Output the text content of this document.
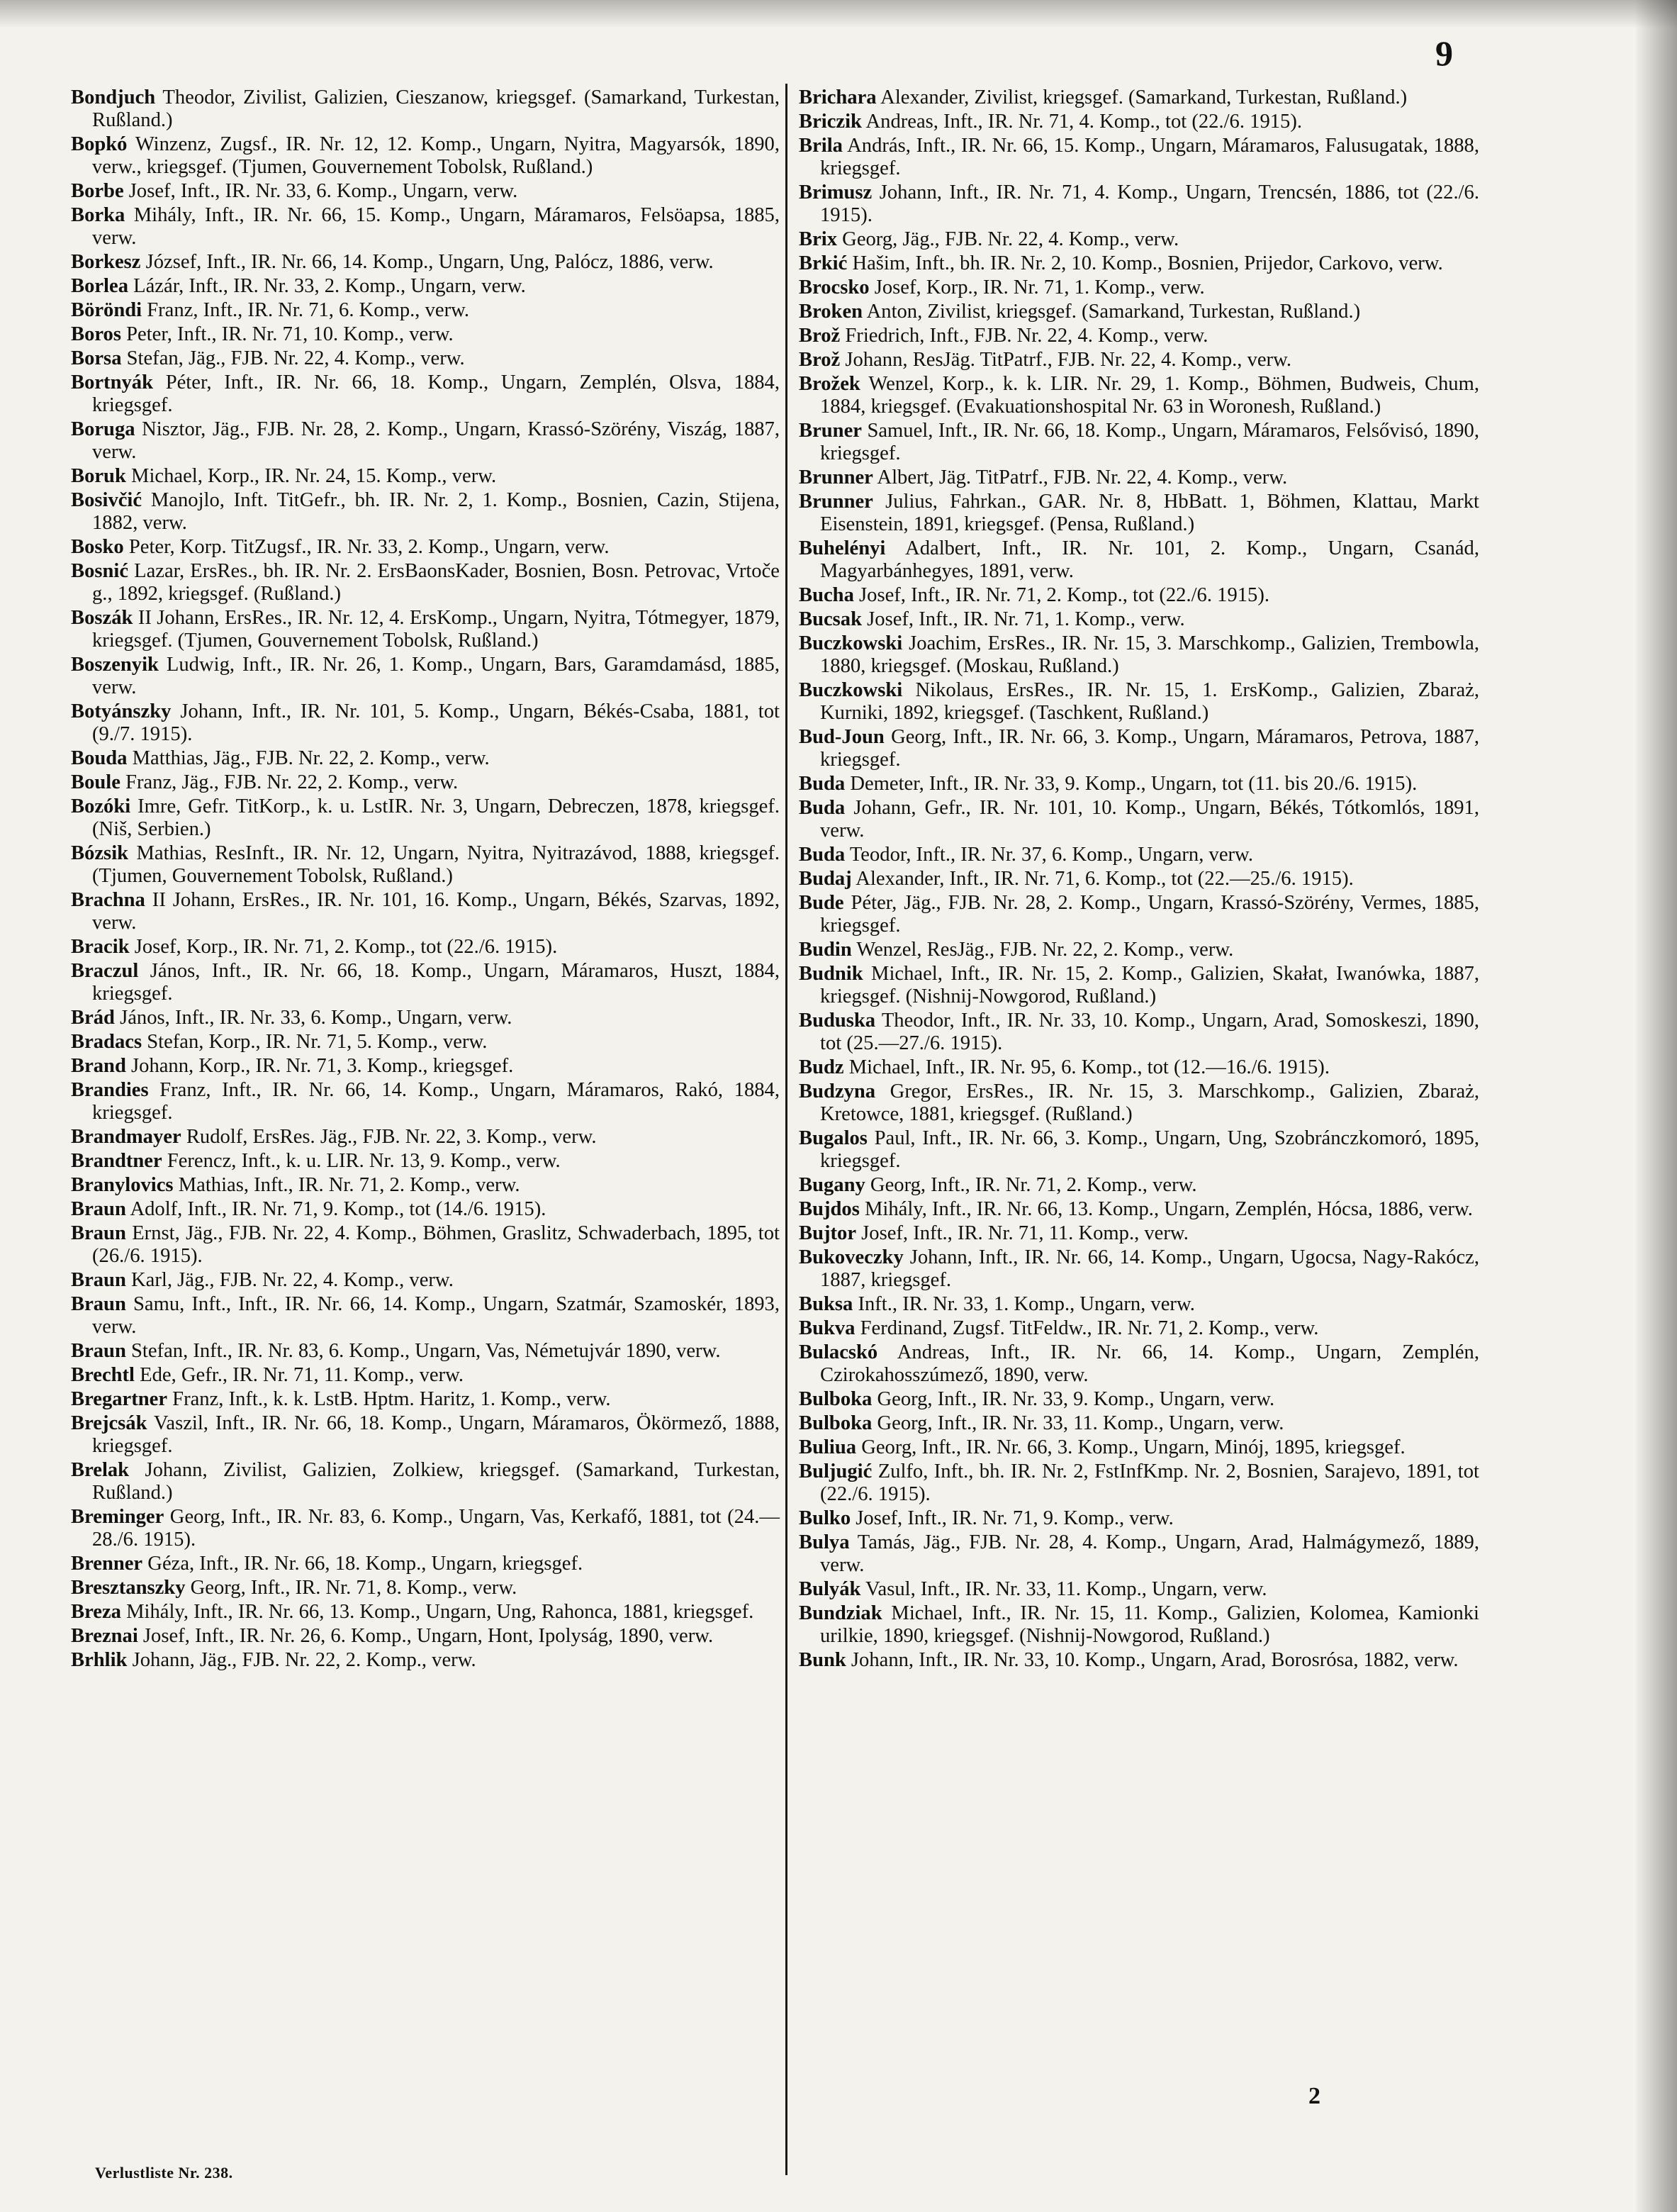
9
Bondjuch Theodor, Zivilist, Galizien, Cieszanow, kriegsgef. (Samarkand, Turkestan, Rußland.)
Bopkó Winzenz, Zugsf., IR. Nr. 12, 12. Komp., Ungarn, Nyitra, Magyarsók, 1890, verw., kriegsgef. (Tjumen, Gouvernement Tobolsk, Rußland.)
Borbe Josef, Inft., IR. Nr. 33, 6. Komp., Ungarn, verw.
Borka Mihály, Inft., IR. Nr. 66, 15. Komp., Ungarn, Máramaros, Felsöapsa, 1885, verw.
Borkesz József, Inft., IR. Nr. 66, 14. Komp., Ungarn, Ung, Palócz, 1886, verw.
Borlea Lázár, Inft., IR. Nr. 33, 2. Komp., Ungarn, verw.
Böröndi Franz, Inft., IR. Nr. 71, 6. Komp., verw.
Boros Peter, Inft., IR. Nr. 71, 10. Komp., verw.
Borsa Stefan, Jäg., FJB. Nr. 22, 4. Komp., verw.
Bortnyák Péter, Inft., IR. Nr. 66, 18. Komp., Ungarn, Zemplén, Olsva, 1884, kriegsgef.
Boruga Nisztor, Jäg., FJB. Nr. 28, 2. Komp., Ungarn, Krassó-Szörény, Viszág, 1887, verw.
Boruk Michael, Korp., IR. Nr. 24, 15. Komp., verw.
Bosivčić Manojlo, Inft. TitGefr., bh. IR. Nr. 2, 1. Komp., Bosnien, Cazin, Stijena, 1882, verw.
Bosko Peter, Korp. TitZugsf., IR. Nr. 33, 2. Komp., Ungarn, verw.
Bosnić Lazar, ErsRes., bh. IR. Nr. 2. ErsBaonsKader, Bosnien, Bosn. Petrovac, Vrtoče g., 1892, kriegsgef. (Rußland.)
Boszák II Johann, ErsRes., IR. Nr. 12, 4. ErsKomp., Ungarn, Nyitra, Tótmegyer, 1879, kriegsgef. (Tjumen, Gouvernement Tobolsk, Rußland.)
Boszenyik Ludwig, Inft., IR. Nr. 26, 1. Komp., Ungarn, Bars, Garamdamásd, 1885, verw.
Botyánszky Johann, Inft., IR. Nr. 101, 5. Komp., Ungarn, Békés-Csaba, 1881, tot (9./7. 1915).
Bouda Matthias, Jäg., FJB. Nr. 22, 2. Komp., verw.
Boule Franz, Jäg., FJB. Nr. 22, 2. Komp., verw.
Bozóki Imre, Gefr. TitKorp., k. u. LstIR. Nr. 3, Ungarn, Debreczen, 1878, kriegsgef. (Niš, Serbien.)
Bózsik Mathias, ResInft., IR. Nr. 12, Ungarn, Nyitra, Nyitrazávod, 1888, kriegsgef. (Tjumen, Gouvernement Tobolsk, Rußland.)
Brachna II Johann, ErsRes., IR. Nr. 101, 16. Komp., Ungarn, Békés, Szarvas, 1892, verw.
Bracik Josef, Korp., IR. Nr. 71, 2. Komp., tot (22./6. 1915).
Braczul János, Inft., IR. Nr. 66, 18. Komp., Ungarn, Máramaros, Huszt, 1884, kriegsgef.
Brád János, Inft., IR. Nr. 33, 6. Komp., Ungarn, verw.
Bradacs Stefan, Korp., IR. Nr. 71, 5. Komp., verw.
Brand Johann, Korp., IR. Nr. 71, 3. Komp., kriegsgef.
Brandies Franz, Inft., IR. Nr. 66, 14. Komp., Ungarn, Máramaros, Rakó, 1884, kriegsgef.
Brandmayer Rudolf, ErsRes. Jäg., FJB. Nr. 22, 3. Komp., verw.
Brandtner Ferencz, Inft., k. u. LIR. Nr. 13, 9. Komp., verw.
Branylovics Mathias, Inft., IR. Nr. 71, 2. Komp., verw.
Braun Adolf, Inft., IR. Nr. 71, 9. Komp., tot (14./6. 1915).
Braun Ernst, Jäg., FJB. Nr. 22, 4. Komp., Böhmen, Graslitz, Schwaderbach, 1895, tot (26./6. 1915).
Braun Karl, Jäg., FJB. Nr. 22, 4. Komp., verw.
Braun Samu, Inft., Inft., IR. Nr. 66, 14. Komp., Ungarn, Szatmár, Szamoskér, 1893, verw.
Braun Stefan, Inft., IR. Nr. 83, 6. Komp., Ungarn, Vas, Németujvár 1890, verw.
Brechtl Ede, Gefr., IR. Nr. 71, 11. Komp., verw.
Bregartner Franz, Inft., k. k. LstB. Hptm. Haritz, 1. Komp., verw.
Brejcsák Vaszil, Inft., IR. Nr. 66, 18. Komp., Ungarn, Máramaros, Ökörmező, 1888, kriegsgef.
Brelak Johann, Zivilist, Galizien, Zolkiew, kriegsgef. (Samarkand, Turkestan, Rußland.)
Breminger Georg, Inft., IR. Nr. 83, 6. Komp., Ungarn, Vas, Kerkafő, 1881, tot (24.—28./6. 1915).
Brenner Géza, Inft., IR. Nr. 66, 18. Komp., Ungarn, kriegsgef.
Bresztanszky Georg, Inft., IR. Nr. 71, 8. Komp., verw.
Breza Mihály, Inft., IR. Nr. 66, 13. Komp., Ungarn, Ung, Rahonca, 1881, kriegsgef.
Breznai Josef, Inft., IR. Nr. 26, 6. Komp., Ungarn, Hont, Ipolyság, 1890, verw.
Brhlik Johann, Jäg., FJB. Nr. 22, 2. Komp., verw.
Brichara Alexander, Zivilist, kriegsgef. (Samarkand, Turkestan, Rußland.)
Briczik Andreas, Inft., IR. Nr. 71, 4. Komp., tot (22./6. 1915).
Brila András, Inft., IR. Nr. 66, 15. Komp., Ungarn, Máramaros, Falusugatak, 1888, kriegsgef.
Brimusz Johann, Inft., IR. Nr. 71, 4. Komp., Ungarn, Trencsén, 1886, tot (22./6. 1915).
Brix Georg, Jäg., FJB. Nr. 22, 4. Komp., verw.
Brkić Hašim, Inft., bh. IR. Nr. 2, 10. Komp., Bosnien, Prijedor, Carkovo, verw.
Brocsko Josef, Korp., IR. Nr. 71, 1. Komp., verw.
Broken Anton, Zivilist, kriegsgef. (Samarkand, Turkestan, Rußland.)
Brož Friedrich, Inft., FJB. Nr. 22, 4. Komp., verw.
Brož Johann, ResJäg. TitPatrf., FJB. Nr. 22, 4. Komp., verw.
Brožek Wenzel, Korp., k. k. LIR. Nr. 29, 1. Komp., Böhmen, Budweis, Chum, 1884, kriegsgef. (Evakuationshospital Nr. 63 in Woronesh, Rußland.)
Bruner Samuel, Inft., IR. Nr. 66, 18. Komp., Ungarn, Máramaros, Felsővisó, 1890, kriegsgef.
Brunner Albert, Jäg. TitPatrf., FJB. Nr. 22, 4. Komp., verw.
Brunner Julius, Fahrkan., GAR. Nr. 8, HbBatt. 1, Böhmen, Klattau, Markt Eisenstein, 1891, kriegsgef. (Pensa, Rußland.)
Buhelényi Adalbert, Inft., IR. Nr. 101, 2. Komp., Ungarn, Csanád, Magyarbánhegyes, 1891, verw.
Bucha Josef, Inft., IR. Nr. 71, 2. Komp., tot (22./6. 1915).
Bucsak Josef, Inft., IR. Nr. 71, 1. Komp., verw.
Buczkowski Joachim, ErsRes., IR. Nr. 15, 3. Marschkomp., Galizien, Trembowla, 1880, kriegsgef. (Moskau, Rußland.)
Buczkowski Nikolaus, ErsRes., IR. Nr. 15, 1. ErsKomp., Galizien, Zbaraż, Kurniki, 1892, kriegsgef. (Taschkent, Rußland.)
Bud-Joun Georg, Inft., IR. Nr. 66, 3. Komp., Ungarn, Máramaros, Petrova, 1887, kriegsgef.
Buda Demeter, Inft., IR. Nr. 33, 9. Komp., Ungarn, tot (11. bis 20./6. 1915).
Buda Johann, Gefr., IR. Nr. 101, 10. Komp., Ungarn, Békés, Tótkomlós, 1891, verw.
Buda Teodor, Inft., IR. Nr. 37, 6. Komp., Ungarn, verw.
Budaj Alexander, Inft., IR. Nr. 71, 6. Komp., tot (22.—25./6. 1915).
Bude Péter, Jäg., FJB. Nr. 28, 2. Komp., Ungarn, Krassó-Szörény, Vermes, 1885, kriegsgef.
Budin Wenzel, ResJäg., FJB. Nr. 22, 2. Komp., verw.
Budnik Michael, Inft., IR. Nr. 15, 2. Komp., Galizien, Skałat, Iwanówka, 1887, kriegsgef. (Nishnij-Nowgorod, Rußland.)
Buduska Theodor, Inft., IR. Nr. 33, 10. Komp., Ungarn, Arad, Somoskeszi, 1890, tot (25.—27./6. 1915).
Budz Michael, Inft., IR. Nr. 95, 6. Komp., tot (12.—16./6. 1915).
Budzyna Gregor, ErsRes., IR. Nr. 15, 3. Marschkomp., Galizien, Zbaraż, Kretowce, 1881, kriegsgef. (Rußland.)
Bugalos Paul, Inft., IR. Nr. 66, 3. Komp., Ungarn, Ung, Szobránczkomoró, 1895, kriegsgef.
Bugany Georg, Inft., IR. Nr. 71, 2. Komp., verw.
Bujdos Mihály, Inft., IR. Nr. 66, 13. Komp., Ungarn, Zemplén, Hócsa, 1886, verw.
Bujtor Josef, Inft., IR. Nr. 71, 11. Komp., verw.
Bukoveczky Johann, Inft., IR. Nr. 66, 14. Komp., Ungarn, Ugocsa, Nagy-Rakócz, 1887, kriegsgef.
Buksa Inft., IR. Nr. 33, 1. Komp., Ungarn, verw.
Bukva Ferdinand, Zugsf. TitFeldw., IR. Nr. 71, 2. Komp., verw.
Bulacskó Andreas, Inft., IR. Nr. 66, 14. Komp., Ungarn, Zemplén, Czirokahosszúmező, 1890, verw.
Bulboka Georg, Inft., IR. Nr. 33, 9. Komp., Ungarn, verw.
Bulboka Georg, Inft., IR. Nr. 33, 11. Komp., Ungarn, verw.
Buliua Georg, Inft., IR. Nr. 66, 3. Komp., Ungarn, Minój, 1895, kriegsgef.
Buljugić Zulfo, Inft., bh. IR. Nr. 2, FstInfKmp. Nr. 2, Bosnien, Sarajevo, 1891, tot (22./6. 1915).
Bulko Josef, Inft., IR. Nr. 71, 9. Komp., verw.
Bulya Tamás, Jäg., FJB. Nr. 28, 4. Komp., Ungarn, Arad, Halmágymező, 1889, verw.
Bulyák Vasul, Inft., IR. Nr. 33, 11. Komp., Ungarn, verw.
Bundziak Michael, Inft., IR. Nr. 15, 11. Komp., Galizien, Kolomea, Kamionki urilkie, 1890, kriegsgef. (Nishnij-Nowgorod, Rußland.)
Bunk Johann, Inft., IR. Nr. 33, 10. Komp., Ungarn, Arad, Borosrósa, 1882, verw.
2
Verlustliste Nr. 238.
